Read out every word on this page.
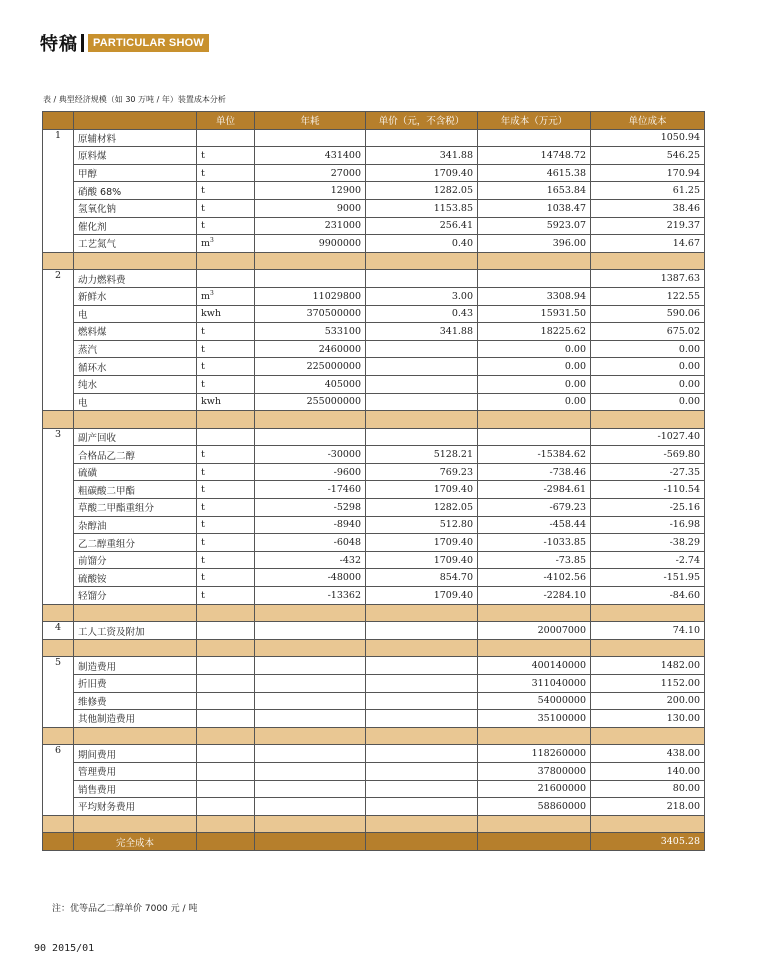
特稿	PARTICULAR SHOW
表 / 典型经济规模（如 30 万吨 / 年）装置成本分析
		单位	年耗	单价（元，不含税）	年成本（万元）	单位成本
1	原辅材料					1050.94
	原料煤	t	431400	341.88	14748.72	546.25
	甲醇	t	27000	1709.40	4615.38	170.94
	硝酸 68%	t	12900	1282.05	1653.84	61.25
	氢氧化钠	t	9000	1153.85	1038.47	38.46
	催化剂	t	231000	256.41	5923.07	219.37
	工艺氮气	$m^3$	9900000	0.40	396.00	14.67

2	动力燃料费					1387.63
	新鲜水	$m^3$	11029800	3.00	3308.94	122.55
	电	kwh	370500000	0.43	15931.50	590.06
	燃料煤	t	533100	341.88	18225.62	675.02
	蒸汽	t	2460000		0.00	0.00
	循环水	t	225000000		0.00	0.00
	纯水	t	405000		0.00	0.00
	电	kwh	255000000		0.00	0.00

3	副产回收					-1027.40
	合格品乙二醇	t	-30000	5128.21	-15384.62	-569.80
	硫磺	t	-9600	769.23	-738.46	-27.35
	粗碳酸二甲酯	t	-17460	1709.40	-2984.61	-110.54
	草酸二甲酯重组分	t	-5298	1282.05	-679.23	-25.16
	杂醇油	t	-8940	512.80	-458.44	-16.98
	乙二醇重组分	t	-6048	1709.40	-1033.85	-38.29
	前馏分	t	-432	1709.40	-73.85	-2.74
	硫酸铵	t	-48000	854.70	-4102.56	-151.95
	轻馏分	t	-13362	1709.40	-2284.10	-84.60

4	工人工资及附加				20007000	74.10

5	制造费用				400140000	1482.00
	折旧费				311040000	1152.00
	维修费				54000000	200.00
	其他制造费用				35100000	130.00

6	期间费用				118260000	438.00
	管理费用				37800000	140.00
	销售费用				21600000	80.00
	平均财务费用				58860000	218.00

	完全成本					3405.28
注：优等品乙二醇单价 7000 元 / 吨
90 2015/01
